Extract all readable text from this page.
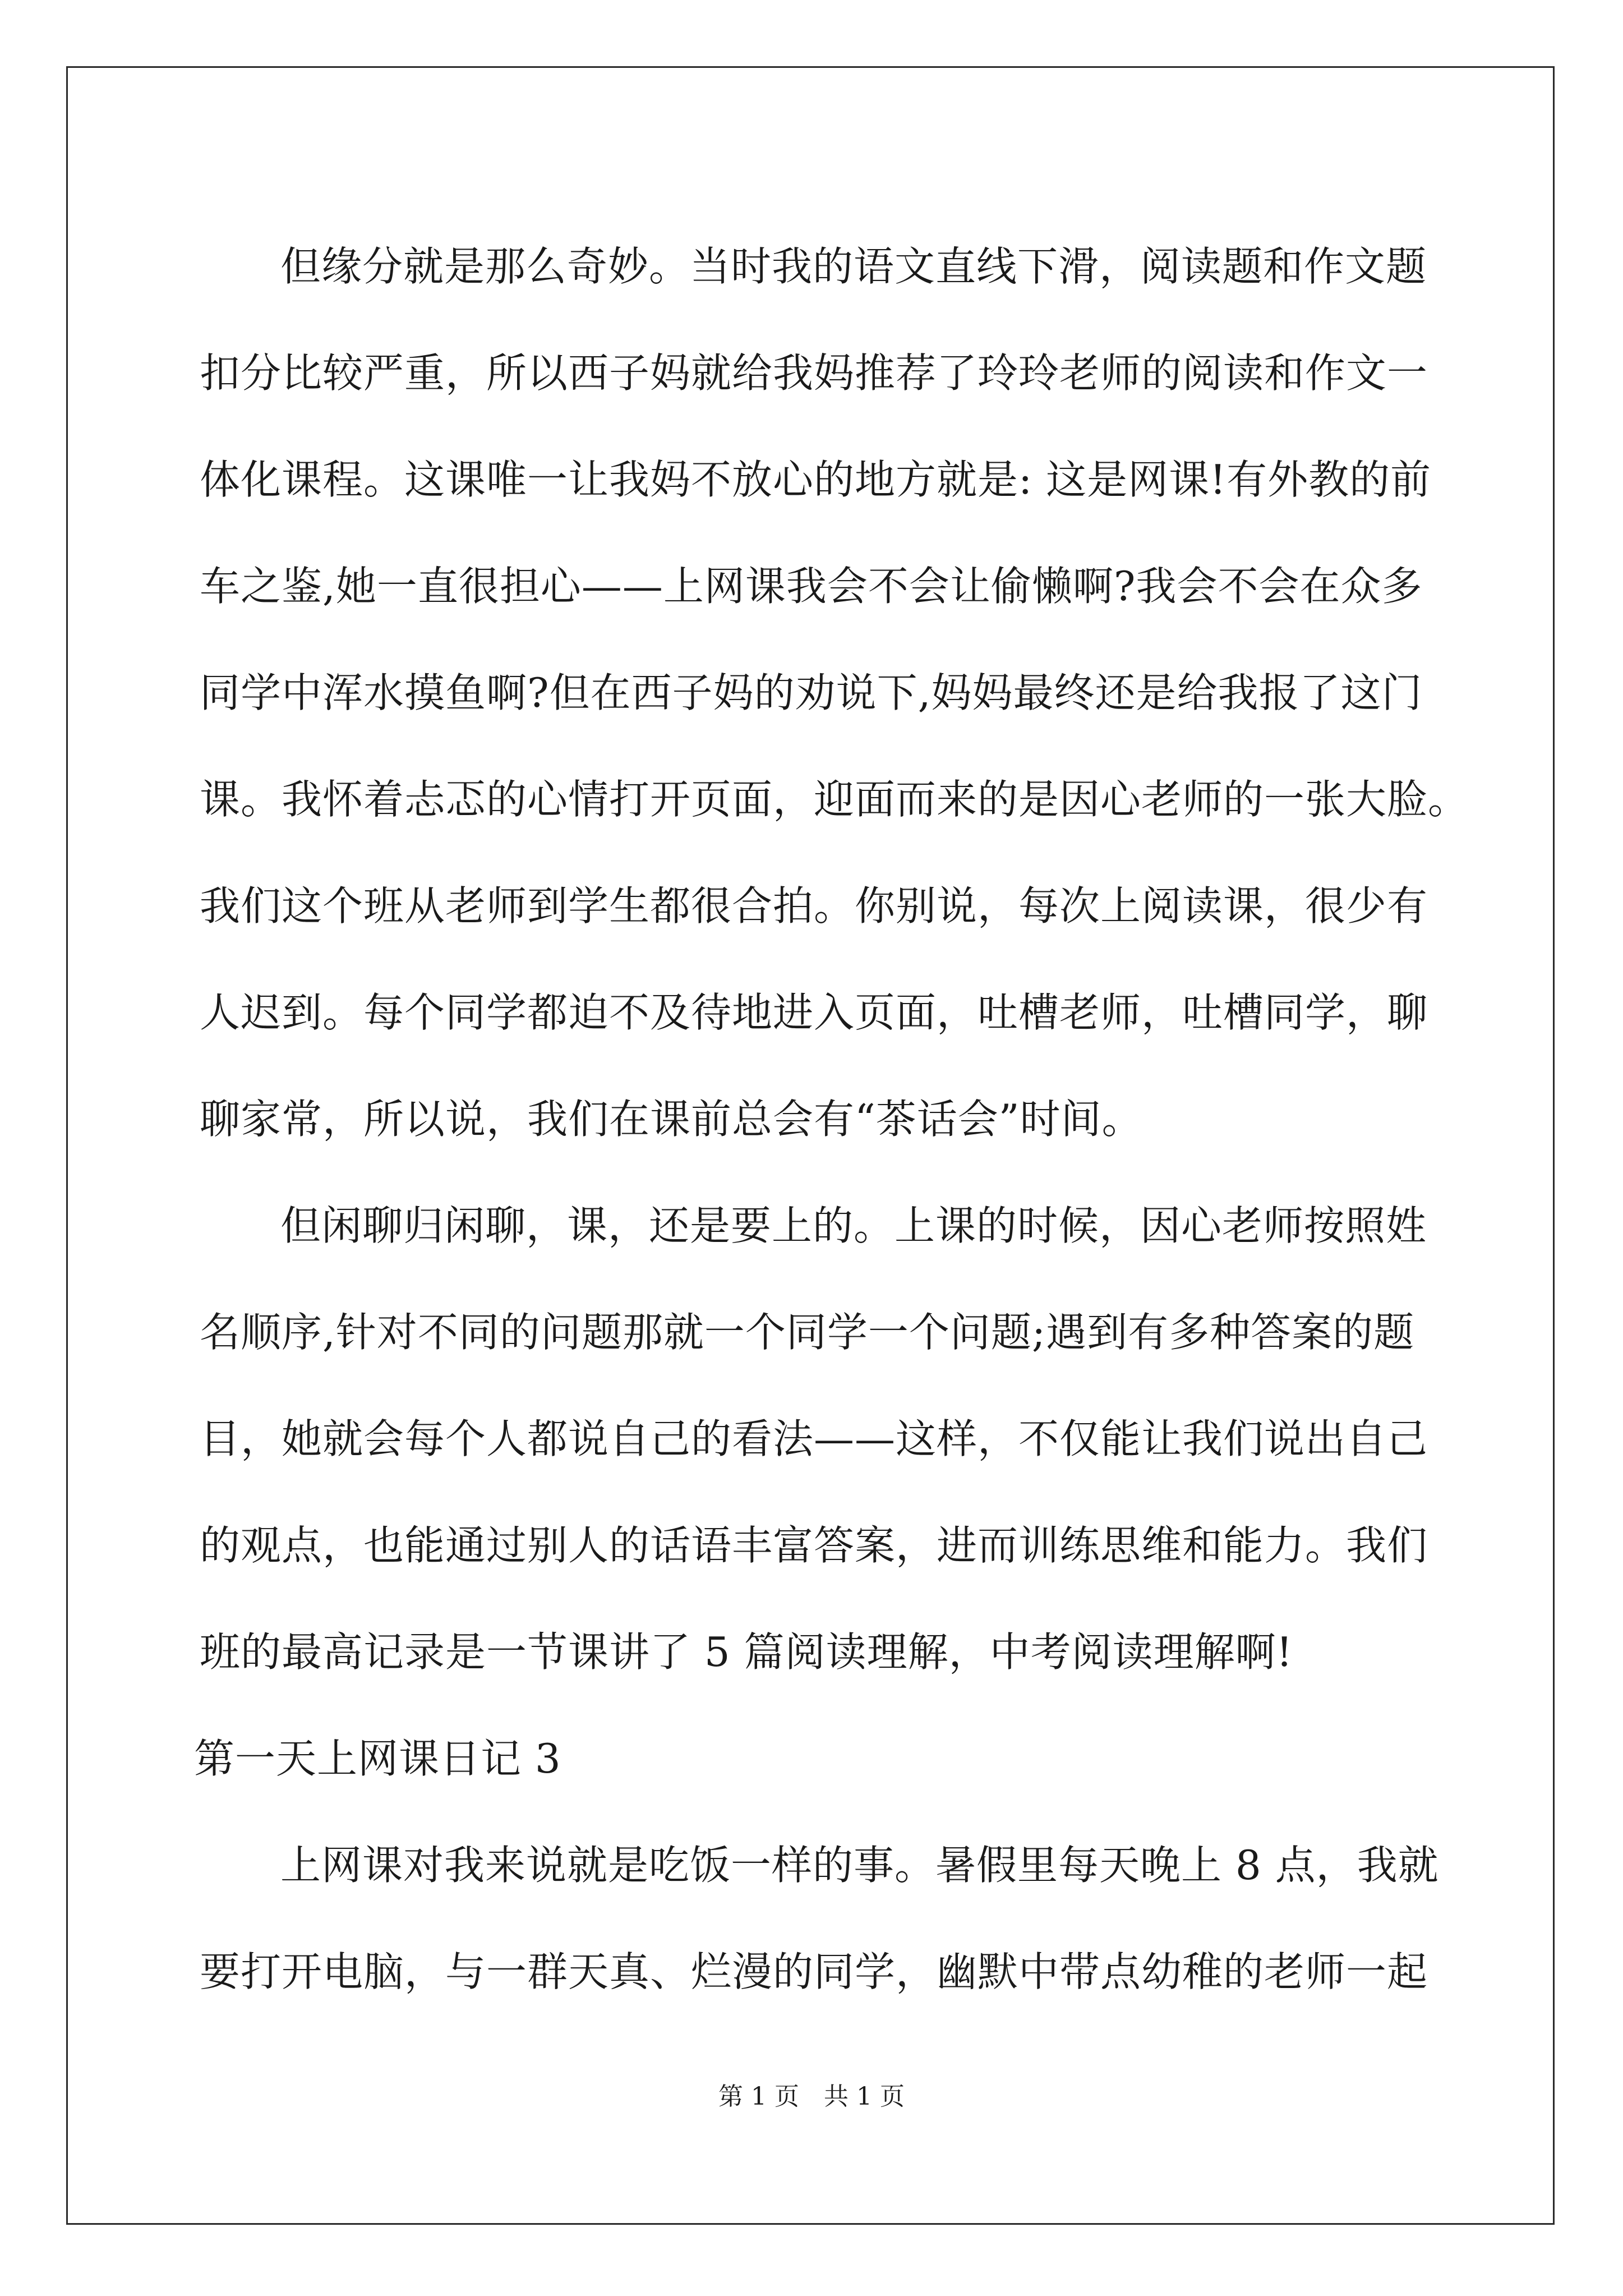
但缘分就是那么奇妙。当时我的语文直线下滑，阅读题和作文题
扣分比较严重，所以西子妈就给我妈推荐了玲玲老师的阅读和作文一
体化课程。这课唯一让我妈不放心的地方就是: 这是网课!有外教的前
车之鉴,她一直很担心——上网课我会不会让偷懒啊?我会不会在众多
同学中浑水摸鱼啊?但在西子妈的劝说下,妈妈最终还是给我报了这门
课。我怀着忐忑的心情打开页面，迎面而来的是因心老师的一张大脸。
我们这个班从老师到学生都很合拍。你别说，每次上阅读课，很少有
人迟到。每个同学都迫不及待地进入页面，吐槽老师，吐槽同学，聊
聊家常，所以说，我们在课前总会有“茶话会”时间。
但闲聊归闲聊，课，还是要上的。上课的时候，因心老师按照姓
名顺序,针对不同的问题那就一个同学一个问题;遇到有多种答案的题
目，她就会每个人都说自己的看法——这样，不仅能让我们说出自己
的观点，也能通过别人的话语丰富答案，进而训练思维和能力。我们
班的最高记录是一节课讲了 5 篇阅读理解，中考阅读理解啊!
第一天上网课日记 3
上网课对我来说就是吃饭一样的事。暑假里每天晚上 8 点，我就
要打开电脑，与一群天真、烂漫的同学，幽默中带点幼稚的老师一起
第 1 页　共 1 页
